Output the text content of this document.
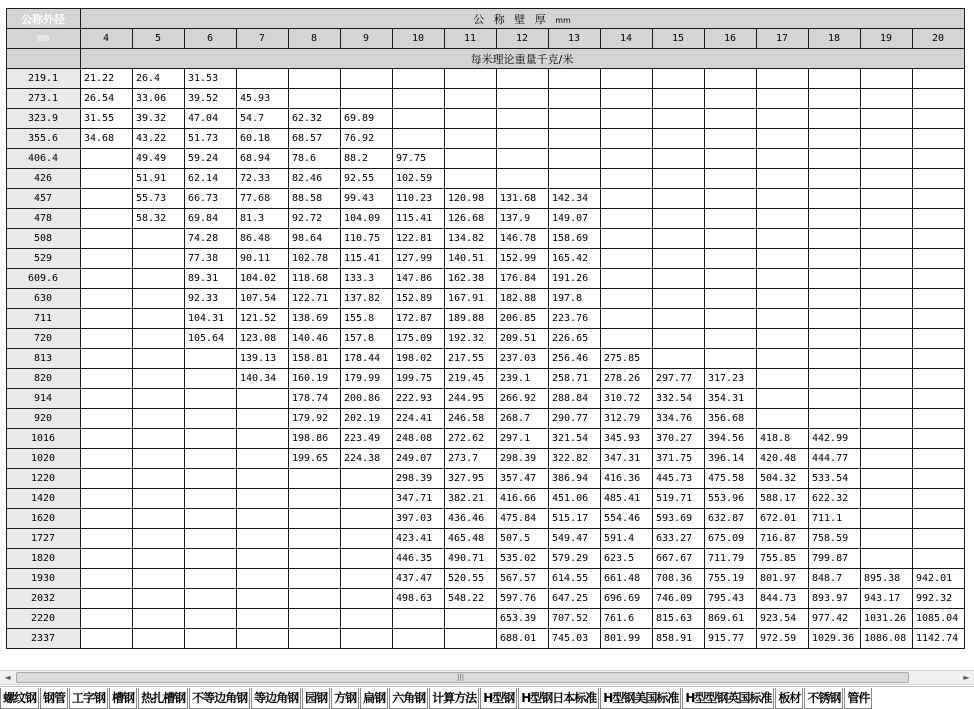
公称外径	公 称 壁 厚 mm																
mm	4	5	6	7	8	9	10	11	12	13	14	15	16	17	18	19	20
	每米理论重量千克/米																
219.1	21.22	26.4	31.53														
273.1	26.54	33.06	39.52	45.93													
323.9	31.55	39.32	47.04	54.7	62.32	69.89											
355.6	34.68	43.22	51.73	60.18	68.57	76.92											
406.4		49.49	59.24	68.94	78.6	88.2	97.75										
426		51.91	62.14	72.33	82.46	92.55	102.59										
457		55.73	66.73	77.68	88.58	99.43	110.23	120.98	131.68	142.34							
478		58.32	69.84	81.3	92.72	104.09	115.41	126.68	137.9	149.07							
508			74.28	86.48	98.64	110.75	122.81	134.82	146.78	158.69							
529			77.38	90.11	102.78	115.41	127.99	140.51	152.99	165.42							
609.6			89.31	104.02	118.68	133.3	147.86	162.38	176.84	191.26							
630			92.33	107.54	122.71	137.82	152.89	167.91	182.88	197.8							
711			104.31	121.52	138.69	155.8	172.87	189.88	206.85	223.76							
720			105.64	123.08	140.46	157.8	175.09	192.32	209.51	226.65							
813				139.13	158.81	178.44	198.02	217.55	237.03	256.46	275.85						
820				140.34	160.19	179.99	199.75	219.45	239.1	258.71	278.26	297.77	317.23				
914					178.74	200.86	222.93	244.95	266.92	288.84	310.72	332.54	354.31				
920					179.92	202.19	224.41	246.58	268.7	290.77	312.79	334.76	356.68				
1016					198.86	223.49	248.08	272.62	297.1	321.54	345.93	370.27	394.56	418.8	442.99		
1020					199.65	224.38	249.07	273.7	298.39	322.82	347.31	371.75	396.14	420.48	444.77		
1220							298.39	327.95	357.47	386.94	416.36	445.73	475.58	504.32	533.54		
1420							347.71	382.21	416.66	451.06	485.41	519.71	553.96	588.17	622.32		
1620							397.03	436.46	475.84	515.17	554.46	593.69	632.87	672.01	711.1		
1727							423.41	465.48	507.5	549.47	591.4	633.27	675.09	716.87	758.59		
1820							446.35	490.71	535.02	579.29	623.5	667.67	711.79	755.85	799.87		
1930							437.47	520.55	567.57	614.55	661.48	708.36	755.19	801.97	848.7	895.38	942.01
2032							498.63	548.22	597.76	647.25	696.69	746.09	795.43	844.73	893.97	943.17	992.32
2220									653.39	707.52	761.6	815.63	869.61	923.54	977.42	1031.26	1085.04
2337									688.01	745.03	801.99	858.91	915.77	972.59	1029.36	1086.08	1142.74
◄	|||	►
螺纹钢 钢管 工字钢 槽钢 热扎槽钢 不等边角钢 等边角钢 园钢 方钢 扁钢 六角钢 计算方法 H型钢 H型钢日本标准 H型钢美国标准 H型型钢英国标准 板材 不锈钢 管件
